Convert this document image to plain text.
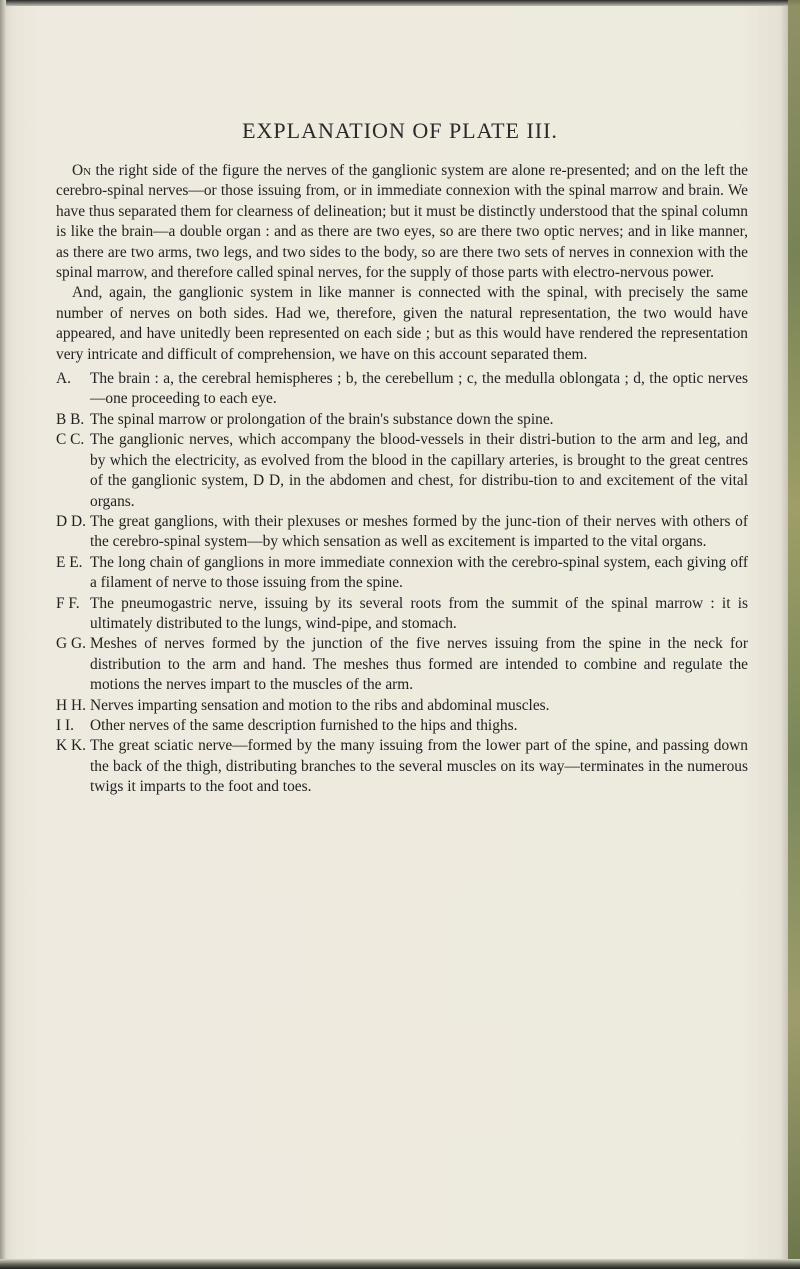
EXPLANATION OF PLATE III.

On the right side of the figure the nerves of the ganglionic system are alone re-presented; and on the left the cerebro-spinal nerves—or those issuing from, or in immediate connexion with the spinal marrow and brain. We have thus separated them for clearness of delineation; but it must be distinctly understood that the spinal column is like the brain—a double organ : and as there are two eyes, so are there two optic nerves; and in like manner, as there are two arms, two legs, and two sides to the body, so are there two sets of nerves in connexion with the spinal marrow, and therefore called spinal nerves, for the supply of those parts with electro-nervous power.

And, again, the ganglionic system in like manner is connected with the spinal, with precisely the same number of nerves on both sides. Had we, therefore, given the natural representation, the two would have appeared, and have unitedly been represented on each side ; but as this would have rendered the representation very intricate and difficult of comprehension, we have on this account separated them.

A.	The brain : a, the cerebral hemispheres ; b, the cerebellum ; c, the medulla oblongata ; d, the optic nerves—one proceeding to each eye.
B B. The spinal marrow or prolongation of the brain's substance down the spine.
C C. The ganglionic nerves, which accompany the blood-vessels in their distri-bution to the arm and leg, and by which the electricity, as evolved from the blood in the capillary arteries, is brought to the great centres of the ganglionic system, D D, in the abdomen and chest, for distribu-tion to and excitement of the vital organs.
D D. The great ganglions, with their plexuses or meshes formed by the junc-tion of their nerves with others of the cerebro-spinal system—by which sensation as well as excitement is imparted to the vital organs.
E E. The long chain of ganglions in more immediate connexion with the cerebro-spinal system, each giving off a filament of nerve to those issuing from the spine.
F F. The pneumogastric nerve, issuing by its several roots from the summit of the spinal marrow : it is ultimately distributed to the lungs, wind-pipe, and stomach.
G G. Meshes of nerves formed by the junction of the five nerves issuing from the spine in the neck for distribution to the arm and hand. The meshes thus formed are intended to combine and regulate the motions the nerves impart to the muscles of the arm.
H H. Nerves imparting sensation and motion to the ribs and abdominal muscles.
I I.	Other nerves of the same description furnished to the hips and thighs.
K K. The great sciatic nerve—formed by the many issuing from the lower part of the spine, and passing down the back of the thigh, distributing branches to the several muscles on its way—terminates in the numerous twigs it imparts to the foot and toes.
